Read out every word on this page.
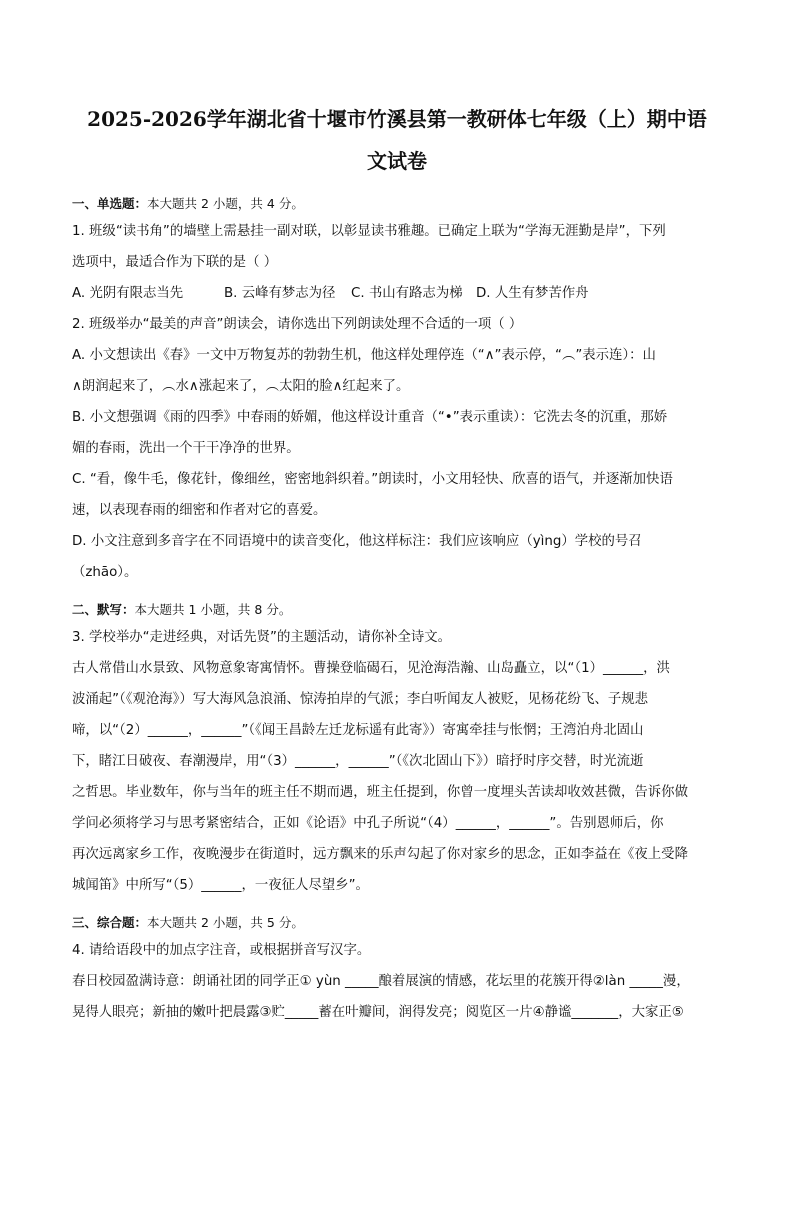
2025-2026学年湖北省十堰市竹溪县第一教研体七年级（上）期中语
文试卷
一、单选题：本大题共 2 小题，共 4 分。

1. 班级“读书角”的墙壁上需悬挂一副对联，以彰显读书雅趣。已确定上联为“学海无涯勤是岸”，下列

选项中，最适合作为下联的是（ ）

A. 光阴有限志当先	B. 云峰有梦志为径	C. 书山有路志为梯 D. 人生有梦苦作舟

2. 班级举办“最美的声音”朗读会，请你选出下列朗读处理不合适的一项（ ）

A. 小文想读出《春》一文中万物复苏的勃勃生机，他这样处理停连（“∧”表示停，“︵”表示连）：山

∧朗润起来了，︵水∧涨起来了，︵太阳的脸∧红起来了。

B. 小文想强调《雨的四季》中春雨的娇媚，他这样设计重音（“•”表示重读）：它洗去冬的沉重，那娇

媚的春雨，洗出一个干干净净的世界。

C. “看，像牛毛，像花针，像细丝，密密地斜织着。”朗读时，小文用轻快、欣喜的语气，并逐渐加快语

速，以表现春雨的细密和作者对它的喜爱。

D. 小文注意到多音字在不同语境中的读音变化，他这样标注：我们应该响应（yìng）学校的号召

（zhāo）。

二、默写：本大题共 1 小题，共 8 分。

3. 学校举办“走进经典，对话先贤”的主题活动，请你补全诗文。

古人常借山水景致、风物意象寄寓情怀。曹操登临碣石，见沧海浩瀚、山岛矗立，以“（1）______，洪

波涌起”（《观沧海》）写大海风急浪涌、惊涛拍岸的气派；李白听闻友人被贬，见杨花纷飞、子规悲

啼，以“（2）______，______”（《闻王昌龄左迁龙标遥有此寄》）寄寓牵挂与怅惘；王湾泊舟北固山

下，睹江日破夜、春潮漫岸，用“（3）______，______”（《次北固山下》）暗抒时序交替，时光流逝

之哲思。毕业数年，你与当年的班主任不期而遇，班主任提到，你曾一度埋头苦读却收效甚微，告诉你做

学问必须将学习与思考紧密结合，正如《论语》中孔子所说“（4）______，______”。告别恩师后，你

再次远离家乡工作，夜晚漫步在街道时，远方飘来的乐声勾起了你对家乡的思念，正如李益在《夜上受降

城闻笛》中所写“（5）______，一夜征人尽望乡”。

三、综合题：本大题共 2 小题，共 5 分。

4. 请给语段中的加点字注音，或根据拼音写汉字。

春日校园盈满诗意：朗诵社团的同学正① yùn _____酿着展演的情感，花坛里的花簇开得②làn _____漫，

晃得人眼亮；新抽的嫩叶把晨露③贮_____蓄在叶瓣间，润得发亮；阅览区一片④静谧_______，大家正⑤
